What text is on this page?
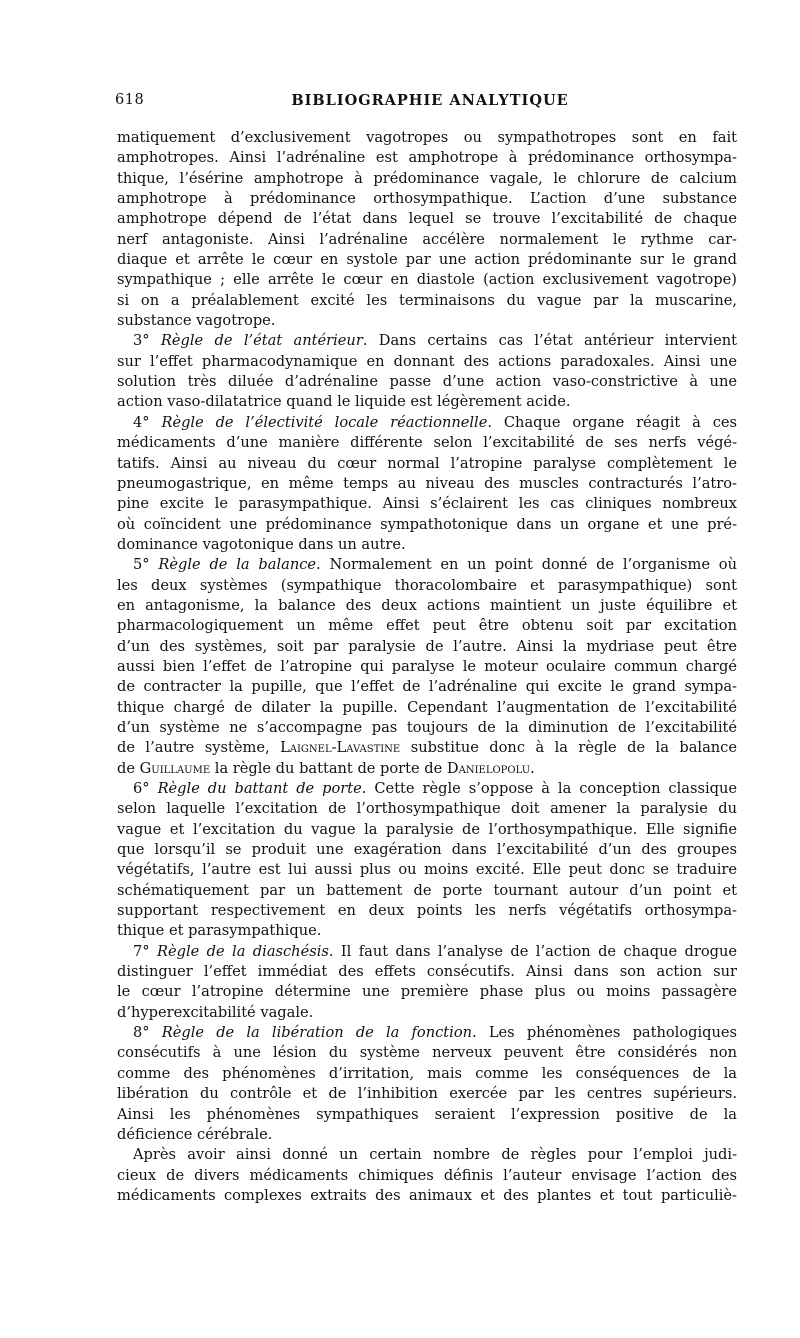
618	BIBLIOGRAPHIE ANALYTIQUE
matiquement d’exclusivement vagotropes ou sympathotropes sont en fait
amphotropes. Ainsi l’adrénaline est amphotrope à prédominance orthosympa-
thique, l’ésérine amphotrope à prédominance vagale, le chlorure de calcium
amphotrope à prédominance orthosympathique. L’action d’une substance
amphotrope dépend de l’état dans lequel se trouve l’excitabilité de chaque
nerf antagoniste. Ainsi l’adrénaline accélère normalement le rythme car-
diaque et arrête le cœur en systole par une action prédominante sur le grand
sympathique ; elle arrête le cœur en diastole (action exclusivement vagotrope)
si on a préalablement excité les terminaisons du vague par la muscarine,
substance vagotrope.
3° Règle de l’état antérieur. Dans certains cas l’état antérieur intervient
sur l’effet pharmacodynamique en donnant des actions paradoxales. Ainsi une
solution très diluée d’adrénaline passe d’une action vaso-constrictive à une
action vaso-dilatatrice quand le liquide est légèrement acide.
4° Règle de l’électivité locale réactionnelle. Chaque organe réagit à ces
médicaments d’une manière différente selon l’excitabilité de ses nerfs végé-
tatifs. Ainsi au niveau du cœur normal l’atropine paralyse complètement le
pneumogastrique, en même temps au niveau des muscles contracturés l’atro-
pine excite le parasympathique. Ainsi s’éclairent les cas cliniques nombreux
où coïncident une prédominance sympathotonique dans un organe et une pré-
dominance vagotonique dans un autre.
5° Règle de la balance. Normalement en un point donné de l’organisme où
les deux systèmes (sympathique thoracolombaire et parasympathique) sont
en antagonisme, la balance des deux actions maintient un juste équilibre et
pharmacologiquement un même effet peut être obtenu soit par excitation
d’un des systèmes, soit par paralysie de l’autre. Ainsi la mydriase peut être
aussi bien l’effet de l’atropine qui paralyse le moteur oculaire commun chargé
de contracter la pupille, que l’effet de l’adrénaline qui excite le grand sympa-
thique chargé de dilater la pupille. Cependant l’augmentation de l’excitabilité
d’un système ne s’accompagne pas toujours de la diminution de l’excitabilité
de l’autre système, Laignel-Lavastine substitue donc à la règle de la balance
de Guillaume la règle du battant de porte de Danielopolu.
6° Règle du battant de porte. Cette règle s’oppose à la conception classique
selon laquelle l’excitation de l’orthosympathique doit amener la paralysie du
vague et l’excitation du vague la paralysie de l’orthosympathique. Elle signifie
que lorsqu’il se produit une exagération dans l’excitabilité d’un des groupes
végétatifs, l’autre est lui aussi plus ou moins excité. Elle peut donc se traduire
schématiquement par un battement de porte tournant autour d’un point et
supportant respectivement en deux points les nerfs végétatifs orthosympa-
thique et parasympathique.
7° Règle de la diaschésis. Il faut dans l’analyse de l’action de chaque drogue
distinguer l’effet immédiat des effets consécutifs. Ainsi dans son action sur
le cœur l’atropine détermine une première phase plus ou moins passagère
d’hyperexcitabilité vagale.
8° Règle de la libération de la fonction. Les phénomènes pathologiques
consécutifs à une lésion du système nerveux peuvent être considérés non
comme des phénomènes d’irritation, mais comme les conséquences de la
libération du contrôle et de l’inhibition exercée par les centres supérieurs.
Ainsi les phénomènes sympathiques seraient l’expression positive de la
déficience cérébrale.
Après avoir ainsi donné un certain nombre de règles pour l’emploi judi-
cieux de divers médicaments chimiques définis l’auteur envisage l’action des
médicaments complexes extraits des animaux et des plantes et tout particuliè-
